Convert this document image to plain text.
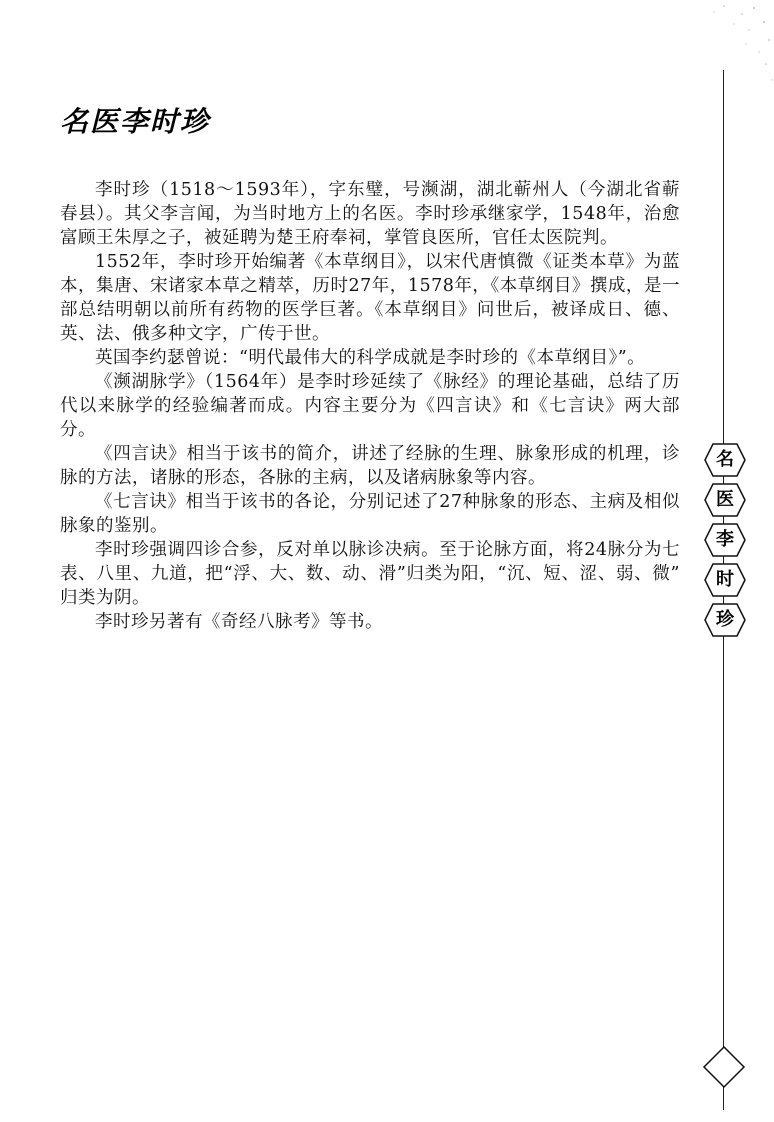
名医李时珍

李时珍（1518～1593年），字东璧，号濒湖，湖北蕲州人（今湖北省蕲春县）。其父李言闻，为当时地方上的名医。李时珍承继家学，1548年，治愈富顾王朱厚之子，被延聘为楚王府奉祠，掌管良医所，官任太医院判。

1552年，李时珍开始编著《本草纲目》，以宋代唐慎微《证类本草》为蓝本，集唐、宋诸家本草之精萃，历时27年，1578年，《本草纲目》撰成，是一部总结明朝以前所有药物的医学巨著。《本草纲目》问世后，被译成日、德、英、法、俄多种文字，广传于世。

英国李约瑟曾说：“明代最伟大的科学成就是李时珍的《本草纲目》”。

《濒湖脉学》（1564年）是李时珍延续了《脉经》的理论基础，总结了历代以来脉学的经验编著而成。内容主要分为《四言诀》和《七言诀》两大部分。

《四言诀》相当于该书的简介，讲述了经脉的生理、脉象形成的机理，诊脉的方法，诸脉的形态，各脉的主病，以及诸病脉象等内容。

《七言诀》相当于该书的各论，分别记述了27种脉象的形态、主病及相似脉象的鉴别。

李时珍强调四诊合参，反对单以脉诊决病。至于论脉方面，将24脉分为七表、八里、九道，把“浮、大、数、动、滑”归类为阳，“沉、短、涩、弱、微” 归类为阴。

李时珍另著有《奇经八脉考》等书。

名
医
李
时
珍
